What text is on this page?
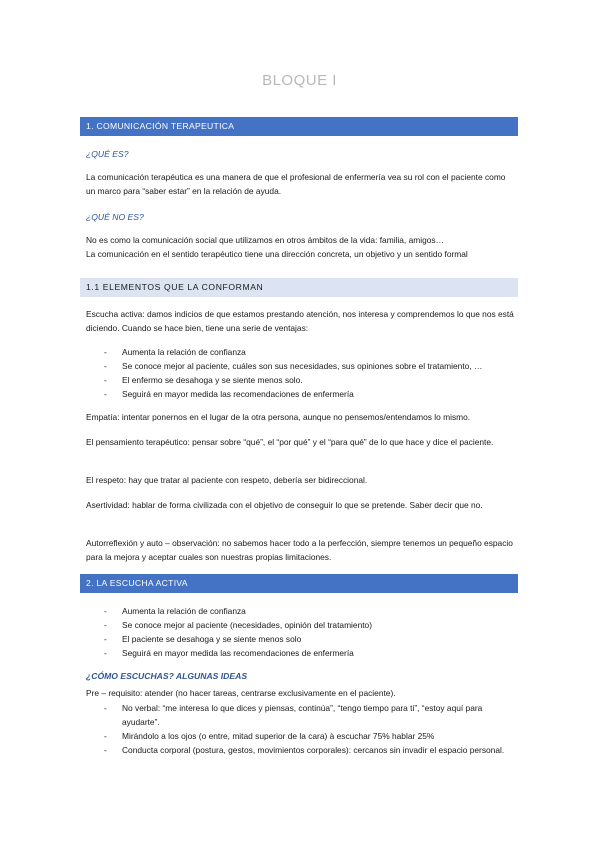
BLOQUE I
1. COMUNICACIÓN TERAPEUTICA
¿QUÉ ES?
La comunicación terapéutica es una manera de que el profesional de enfermería vea su rol con el paciente como un marco para “saber estar” en la relación de ayuda.
¿QUÉ NO ES?
No es como la comunicación social que utilizamos en otros ámbitos de la vida: familia, amigos…
La comunicación en el sentido terapéutico tiene una dirección concreta, un objetivo y un sentido formal
1.1 ELEMENTOS QUE LA CONFORMAN
Escucha activa: damos indicios de que estamos prestando atención, nos interesa y comprendemos lo que nos está diciendo. Cuando se hace bien, tiene una serie de ventajas:
- Aumenta la relación de confianza
- Se conoce mejor al paciente, cuáles son sus necesidades, sus opiniones sobre el tratamiento, …
- El enfermo se desahoga y se siente menos solo.
- Seguirá en mayor medida las recomendaciones de enfermería
Empatía: intentar ponernos en el lugar de la otra persona, aunque no pensemos/entendamos lo mismo.
El pensamiento terapéutico: pensar sobre “qué”, el “por qué” y el “para qué” de lo que hace y dice el paciente.
El respeto: hay que tratar al paciente con respeto, debería ser bidireccional.
Asertividad: hablar de forma civilizada con el objetivo de conseguir lo que se pretende. Saber decir que no.
Autorreflexión y auto – observación: no sabemos hacer todo a la perfección, siempre tenemos un pequeño espacio para la mejora y aceptar cuales son nuestras propias limitaciones.
2. LA ESCUCHA ACTIVA
- Aumenta la relación de confianza
- Se conoce mejor al paciente (necesidades, opinión del tratamiento)
- El paciente se desahoga y se siente menos solo
- Seguirá en mayor medida las recomendaciones de enfermería
¿CÓMO ESCUCHAS? ALGUNAS IDEAS
Pre – requisito: atender (no hacer tareas, centrarse exclusivamente en el paciente).
- No verbal: “me interesa lo que dices y piensas, continúa”, “tengo tiempo para ti”, “estoy aquí para ayudarte”.
- Mirándolo a los ojos (o entre, mitad superior de la cara) à escuchar 75% hablar 25%
- Conducta corporal (postura, gestos, movimientos corporales): cercanos sin invadir el espacio personal.
